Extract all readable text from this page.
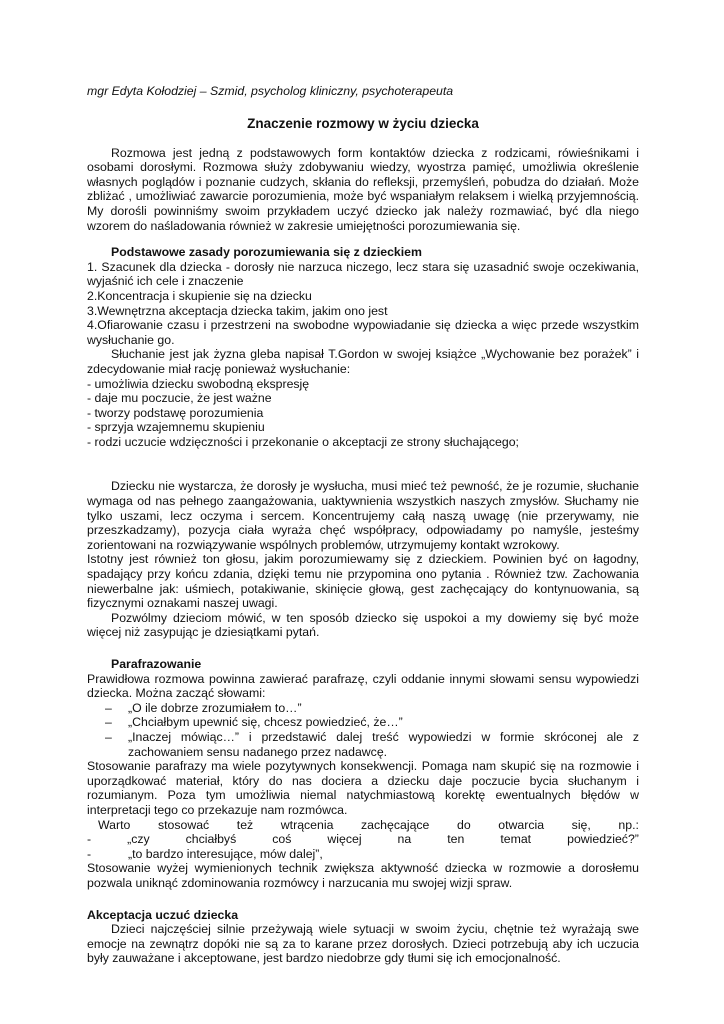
mgr Edyta Kołodziej – Szmid, psycholog kliniczny, psychoterapeuta

Znaczenie rozmowy w życiu dziecka

Rozmowa jest jedną z podstawowych form kontaktów dziecka z rodzicami, rówieśnikami i osobami dorosłymi. Rozmowa służy zdobywaniu wiedzy, wyostrza pamięć, umożliwia określenie własnych poglądów i poznanie cudzych, skłania do refleksji, przemyśleń, pobudza do działań. Może zbliżać , umożliwiać zawarcie porozumienia, może być wspaniałym relaksem i wielką przyjemnością. My dorośli powinniśmy swoim przykładem uczyć dziecko jak należy rozmawiać, być dla niego wzorem do naśladowania również w zakresie umiejętności porozumiewania się.

Podstawowe zasady porozumiewania się z dzieckiem

1. Szacunek dla dziecka - dorosły nie narzuca niczego, lecz stara się uzasadnić swoje oczekiwania, wyjaśnić ich cele i znaczenie

2.Koncentracja i skupienie się na dziecku

3.Wewnętrzna akceptacja dziecka takim, jakim ono jest

4.Ofiarowanie czasu i przestrzeni na swobodne wypowiadanie się dziecka a więc przede wszystkim wysłuchanie go.

Słuchanie jest jak żyzna gleba napisał T.Gordon w swojej książce „Wychowanie bez porażek” i zdecydowanie miał rację ponieważ wysłuchanie:

- umożliwia dziecku swobodną ekspresję

- daje mu poczucie, że jest ważne

- tworzy podstawę porozumienia

- sprzyja wzajemnemu skupieniu

- rodzi uczucie wdzięczności i przekonanie o akceptacji ze strony słuchającego;

Dziecku nie wystarcza, że dorosły je wysłucha, musi mieć też pewność, że je rozumie, słuchanie wymaga od nas pełnego zaangażowania, uaktywnienia wszystkich naszych zmysłów. Słuchamy nie tylko uszami, lecz oczyma i sercem. Koncentrujemy całą naszą uwagę (nie przerywamy, nie przeszkadzamy), pozycja ciała wyraża chęć współpracy, odpowiadamy po namyśle, jesteśmy zorientowani na rozwiązywanie wspólnych problemów, utrzymujemy kontakt wzrokowy.

Istotny jest również ton głosu, jakim porozumiewamy się z dzieckiem. Powinien być on łagodny, spadający przy końcu zdania, dzięki temu nie przypomina ono pytania . Również tzw. Zachowania niewerbalne jak: uśmiech, potakiwanie, skinięcie głową, gest zachęcający do kontynuowania, są fizycznymi oznakami naszej uwagi.

Pozwólmy dzieciom mówić, w ten sposób dziecko się uspokoi a my dowiemy się być może więcej niż zasypując je dziesiątkami pytań.

Parafrazowanie

Prawidłowa rozmowa powinna zawierać parafrazę, czyli oddanie innymi słowami sensu wypowiedzi dziecka. Można zacząć słowami:

– „O ile dobrze zrozumiałem to…”
– „Chciałbym upewnić się, chcesz powiedzieć, że…”
– „Inaczej mówiąc…” i przedstawić dalej treść wypowiedzi w formie skróconej ale z zachowaniem sensu nadanego przez nadawcę.

Stosowanie parafrazy ma wiele pozytywnych konsekwencji. Pomaga nam skupić się na rozmowie i uporządkować materiał, który do nas dociera a dziecku daje poczucie bycia słuchanym i rozumianym. Poza tym umożliwia niemal natychmiastową korektę ewentualnych błędów w interpretacji tego co przekazuje nam rozmówca.

Warto stosować też wtrącenia zachęcające do otwarcia się, np.:
-	„czy	chciałbyś	coś	więcej	na	ten	temat	powiedzieć?”
-	„to bardzo interesujące, mów dalej”,

Stosowanie wyżej wymienionych technik zwiększa aktywność dziecka w rozmowie a dorosłemu pozwala uniknąć zdominowania rozmówcy i narzucania mu swojej wizji spraw.

Akceptacja uczuć dziecka

Dzieci najczęściej silnie przeżywają wiele sytuacji w swoim życiu, chętnie też wyrażają swe emocje na zewnątrz dopóki nie są za to karane przez dorosłych. Dzieci potrzebują aby ich uczucia były zauważane i akceptowane, jest bardzo niedobrze gdy tłumi się ich emocjonalność.
